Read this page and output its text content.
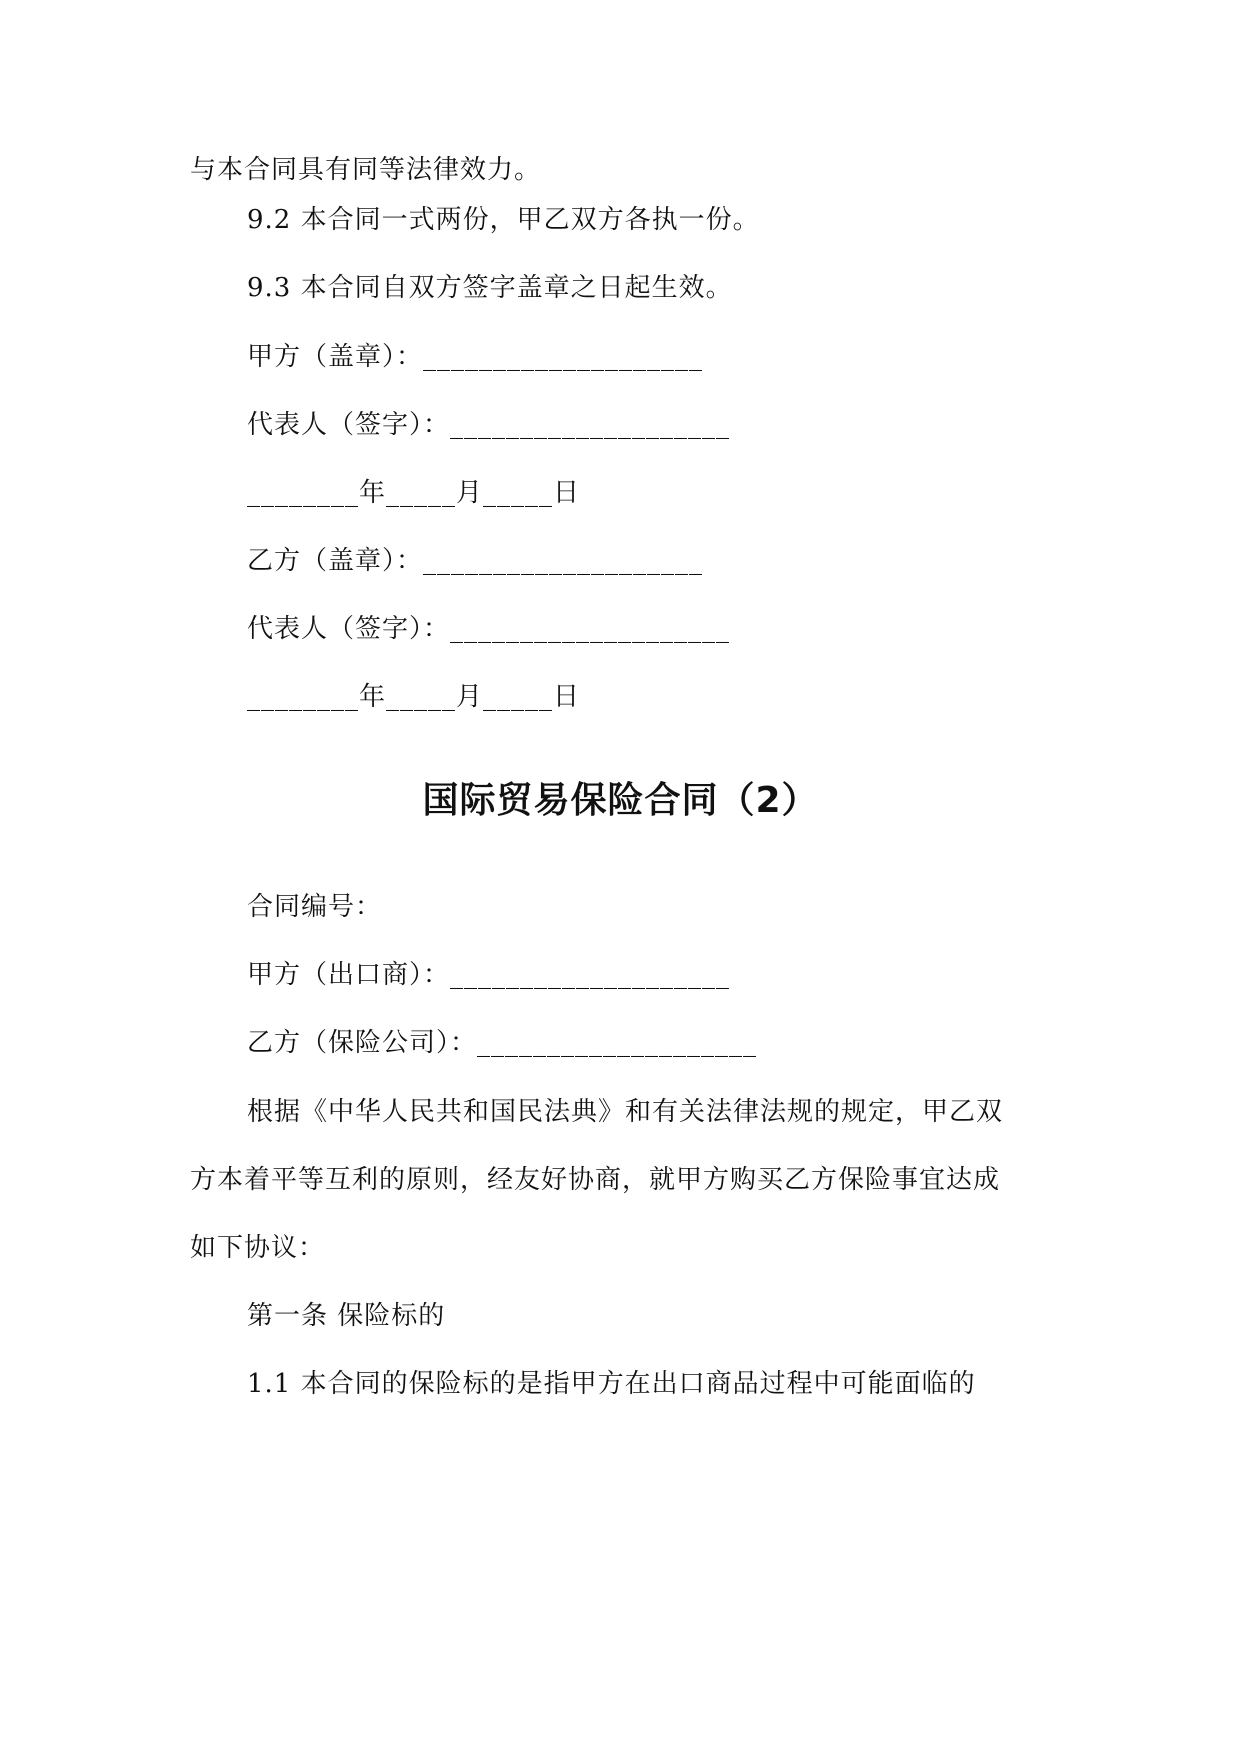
与本合同具有同等法律效力。
9.2 本合同一式两份，甲乙双方各执一份。
9.3 本合同自双方签字盖章之日起生效。
甲方（盖章）：____________________
代表人（签字）：____________________
________年_____月_____日
乙方（盖章）：____________________
代表人（签字）：____________________
________年_____月_____日
国际贸易保险合同（2）
合同编号：
甲方（出口商）：____________________
乙方（保险公司）：____________________
根据《中华人民共和国民法典》和有关法律法规的规定，甲乙双
方本着平等互利的原则，经友好协商，就甲方购买乙方保险事宜达成
如下协议：
第一条 保险标的
1.1 本合同的保险标的是指甲方在出口商品过程中可能面临的
